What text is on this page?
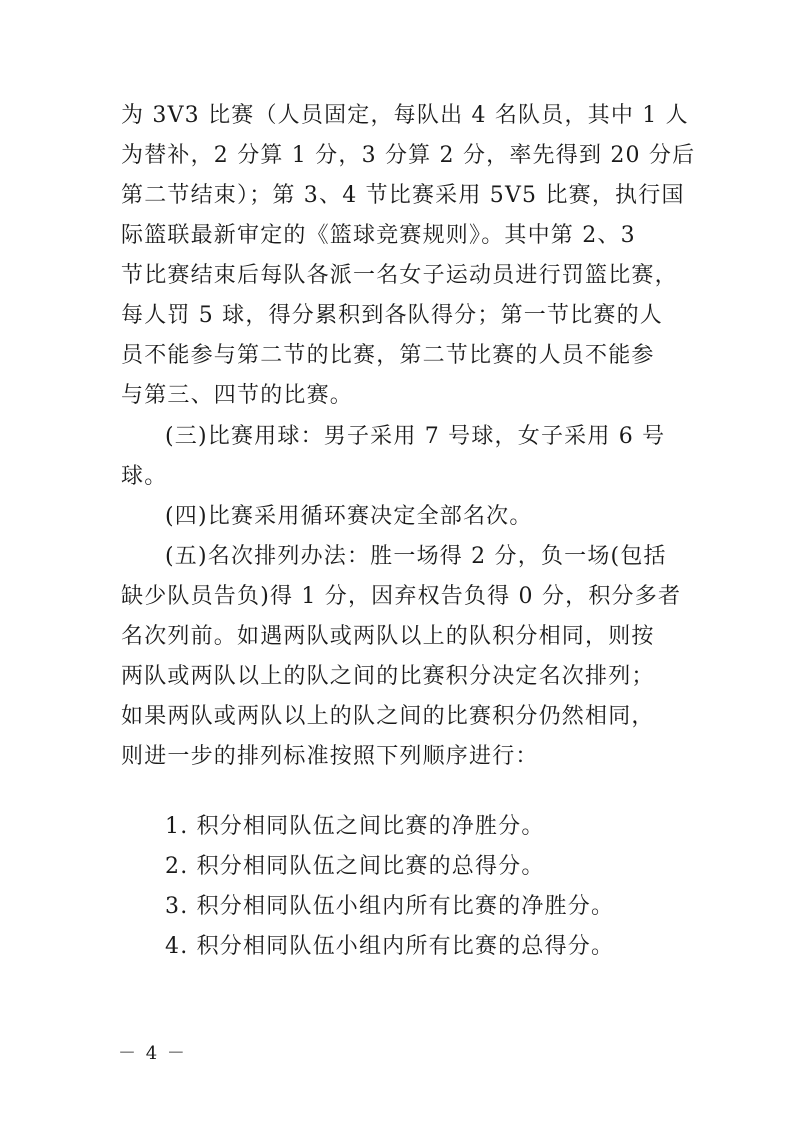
为 3V3 比赛（人员固定，每队出 4 名队员，其中 1 人
为替补，2 分算 1 分，3 分算 2 分，率先得到 20 分后
第二节结束）；第 3、4 节比赛采用 5V5 比赛，执行国
际篮联最新审定的《篮球竞赛规则》。其中第 2、3
节比赛结束后每队各派一名女子运动员进行罚篮比赛，
每人罚 5 球，得分累积到各队得分；第一节比赛的人
员不能参与第二节的比赛，第二节比赛的人员不能参
与第三、四节的比赛。
(三)比赛用球：男子采用 7 号球，女子采用 6 号
球。
(四)比赛采用循环赛决定全部名次。
(五)名次排列办法：胜一场得 2 分，负一场(包括
缺少队员告负)得 1 分，因弃权告负得 0 分，积分多者
名次列前。如遇两队或两队以上的队积分相同，则按
两队或两队以上的队之间的比赛积分决定名次排列；
如果两队或两队以上的队之间的比赛积分仍然相同，
则进一步的排列标准按照下列顺序进行：
1. 积分相同队伍之间比赛的净胜分。
2. 积分相同队伍之间比赛的总得分。
3. 积分相同队伍小组内所有比赛的净胜分。
4. 积分相同队伍小组内所有比赛的总得分。
－ 4 －
